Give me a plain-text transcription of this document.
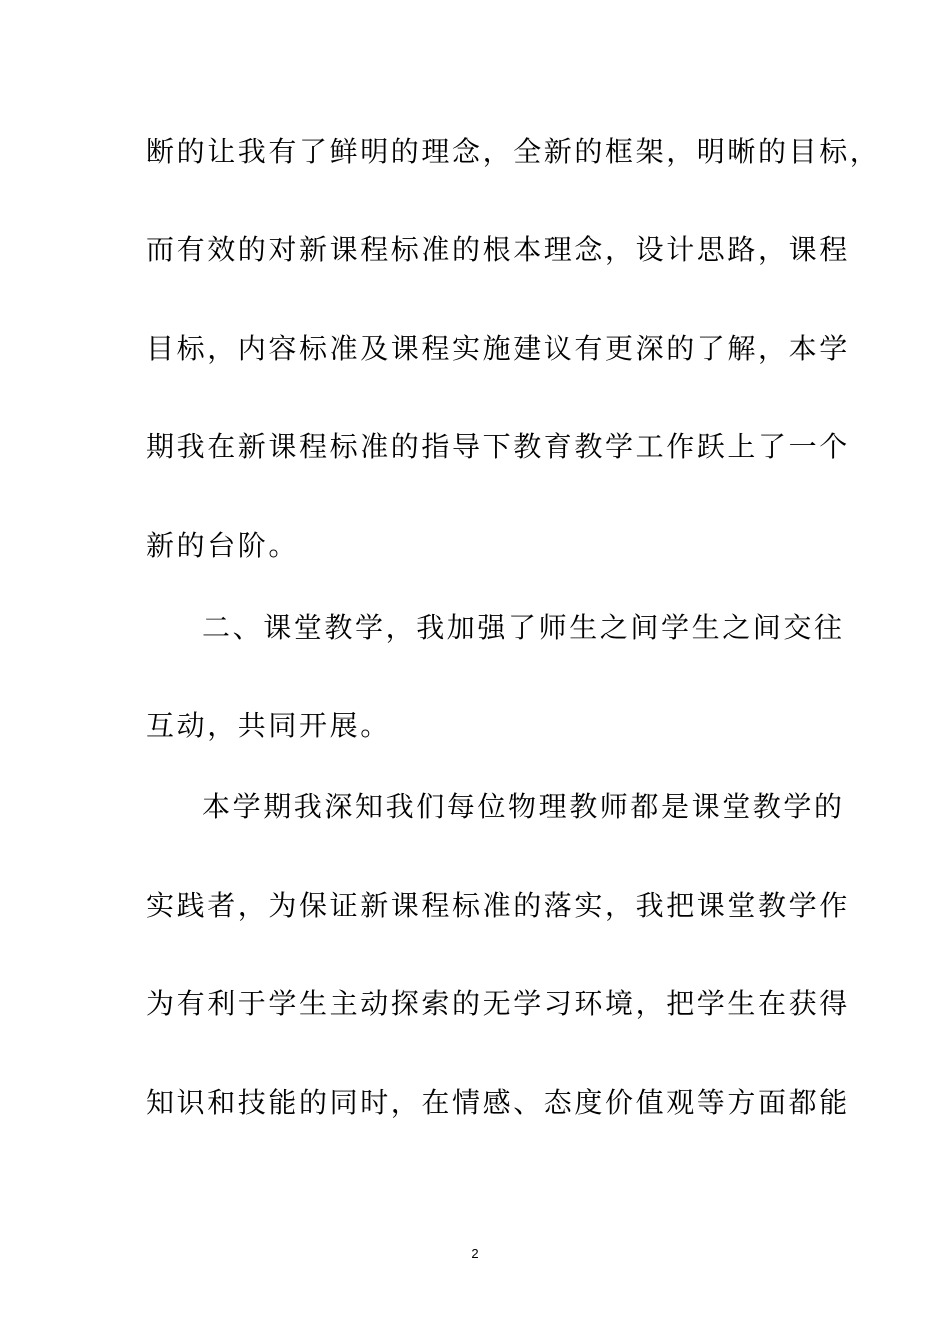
断的让我有了鲜明的理念，全新的框架，明晰的目标，
而有效的对新课程标准的根本理念，设计思路，课程
目标，内容标准及课程实施建议有更深的了解，本学
期我在新课程标准的指导下教育教学工作跃上了一个
新的台阶。
二、课堂教学，我加强了师生之间学生之间交往
互动，共同开展。
本学期我深知我们每位物理教师都是课堂教学的
实践者，为保证新课程标准的落实，我把课堂教学作
为有利于学生主动探索的无学习环境，把学生在获得
知识和技能的同时，在情感、态度价值观等方面都能
2
